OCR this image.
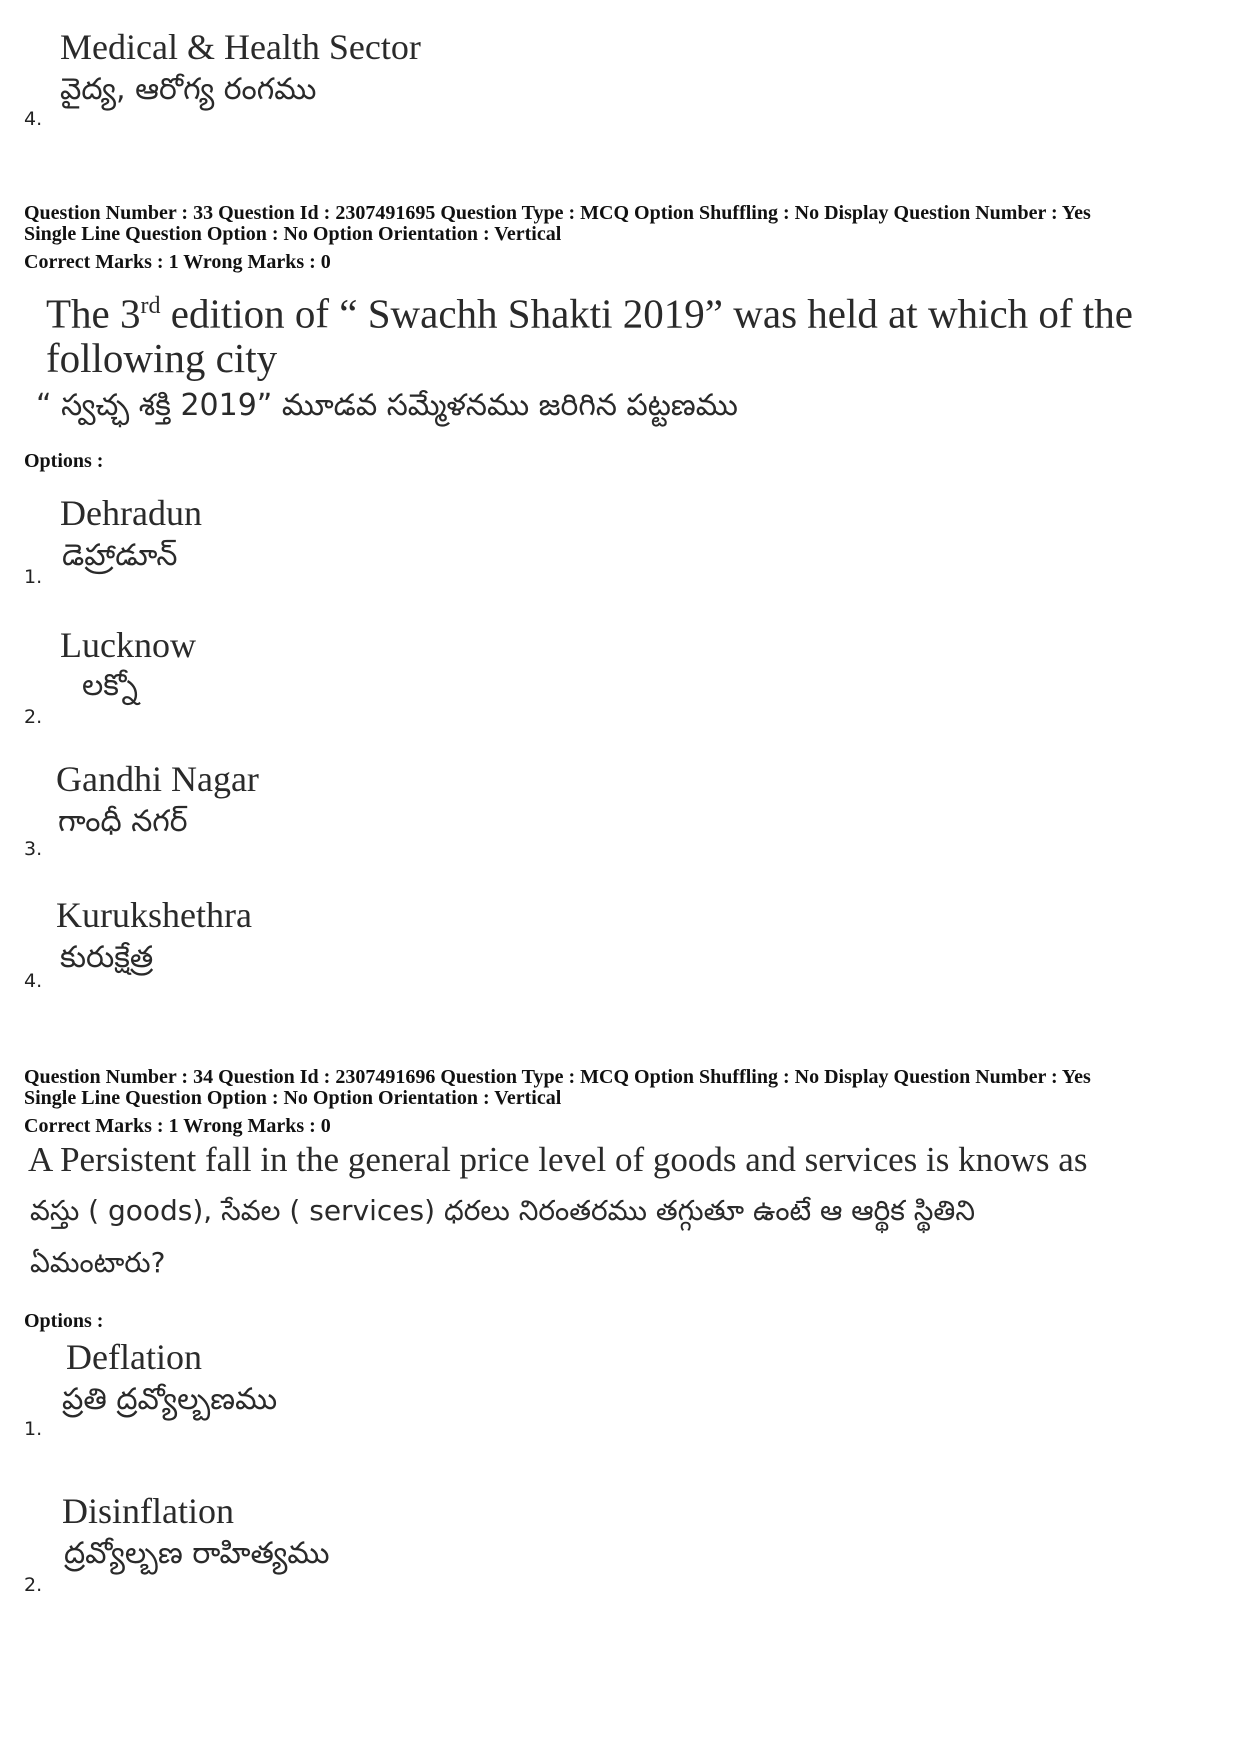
Medical & Health Sector
వైద్య, ఆరోగ్య రంగము
4.
Question Number : 33 Question Id : 2307491695 Question Type : MCQ Option Shuffling : No Display Question Number : Yes
Single Line Question Option : No Option Orientation : Vertical
Correct Marks : 1 Wrong Marks : 0
The 3rd edition of “ Swachh Shakti 2019” was held at which of the
following city
“ స్వచ్ఛ శక్తి 2019” మూడవ సమ్మేళనము జరిగిన పట్టణము
Options :
Dehradun
డెహ్రాడూన్
1.
Lucknow
లక్నో
2.
Gandhi Nagar
గాంధీ నగర్
3.
Kurukshethra
కురుక్షేత్ర
4.
Question Number : 34 Question Id : 2307491696 Question Type : MCQ Option Shuffling : No Display Question Number : Yes
Single Line Question Option : No Option Orientation : Vertical
Correct Marks : 1 Wrong Marks : 0
A Persistent fall in the general price level of goods and services is knows as
వస్తు ( goods), సేవల ( services) ధరలు నిరంతరము తగ్గుతూ ఉంటే ఆ ఆర్థిక స్థితిని
ఏమంటారు?
Options :
Deflation
ప్రతి ద్రవ్యోల్బణము
1.
Disinflation
ద్రవ్యోల్బణ రాహిత్యము
2.
